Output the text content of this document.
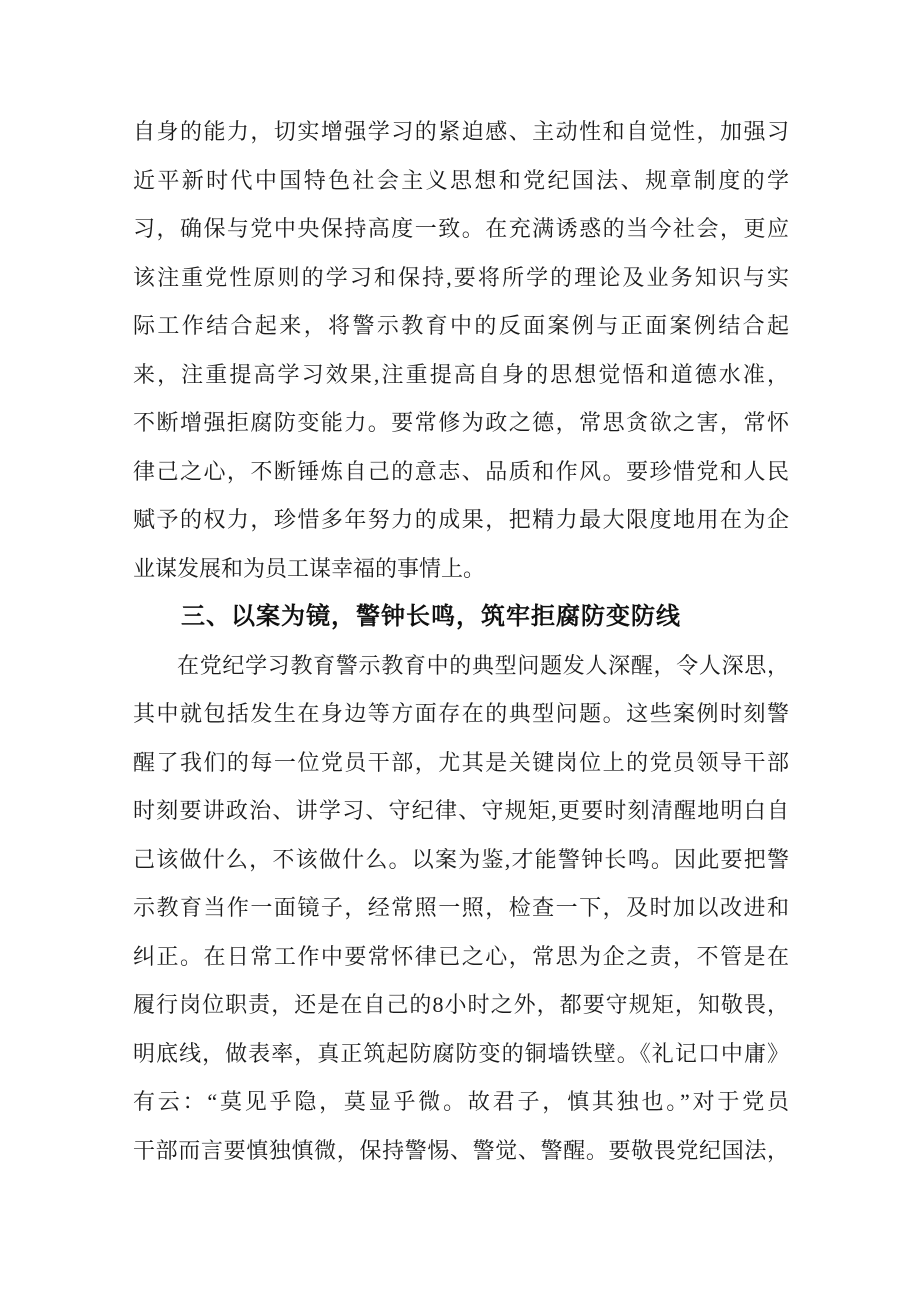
自身的能力，切实增强学习的紧迫感、主动性和自觉性，加强习
近平新时代中国特色社会主义思想和党纪国法、规章制度的学
习，确保与党中央保持高度一致。在充满诱惑的当今社会，更应
该注重党性原则的学习和保持,要将所学的理论及业务知识与实
际工作结合起来，将警示教育中的反面案例与正面案例结合起
来，注重提高学习效果,注重提高自身的思想觉悟和道德水准，
不断增强拒腐防变能力。要常修为政之德，常思贪欲之害，常怀
律己之心，不断锤炼自己的意志、品质和作风。要珍惜党和人民
赋予的权力，珍惜多年努力的成果，把精力最大限度地用在为企
业谋发展和为员工谋幸福的事情上。
三、以案为镜，警钟长鸣，筑牢拒腐防变防线
在党纪学习教育警示教育中的典型问题发人深醒，令人深思，
其中就包括发生在身边等方面存在的典型问题。这些案例时刻警
醒了我们的每一位党员干部，尤其是关键岗位上的党员领导干部
时刻要讲政治、讲学习、守纪律、守规矩,更要时刻清醒地明白自
己该做什么，不该做什么。以案为鉴,才能警钟长鸣。因此要把警
示教育当作一面镜子，经常照一照，检查一下，及时加以改进和
纠正。在日常工作中要常怀律已之心，常思为企之责，不管是在
履行岗位职责，还是在自己的8小时之外，都要守规矩，知敬畏，
明底线，做表率，真正筑起防腐防变的铜墙铁壁。《礼记口中庸》
有云：“莫见乎隐，莫显乎微。故君子，慎其独也。”对于党员
干部而言要慎独慎微，保持警惕、警觉、警醒。要敬畏党纪国法，
